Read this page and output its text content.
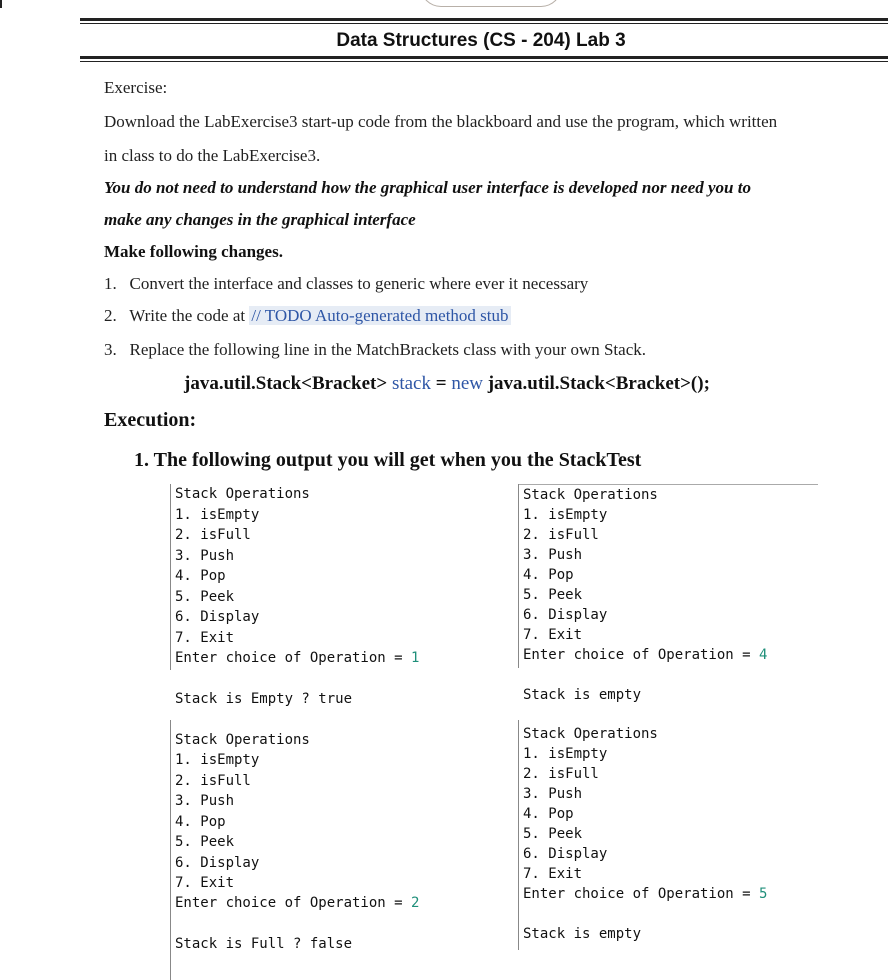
Data Structures (CS - 204) Lab 3
Exercise:
Download the LabExercise3 start-up code from the blackboard and use the program, which written
in class to do the LabExercise3.
You do not need to understand how the graphical user interface is developed nor need you to
make any changes in the graphical interface
Make following changes.
1. Convert the interface and classes to generic where ever it necessary
2. Write the code at // TODO Auto-generated method stub
3. Replace the following line in the MatchBrackets class with your own Stack.
java.util.Stack<Bracket> stack = new java.util.Stack<Bracket>();
Execution:
1. The following output you will get when you the StackTest
Stack Operations
1. isEmpty
2. isFull
3. Push
4. Pop
5. Peek
6. Display
7. Exit
Enter choice of Operation = 1
Stack is Empty ? true
Stack Operations
1. isEmpty
2. isFull
3. Push
4. Pop
5. Peek
6. Display
7. Exit
Enter choice of Operation = 2
Stack is Full ? false
Stack Operations
1. isEmpty
2. isFull
3. Push
4. Pop
5. Peek
6. Display
7. Exit
Enter choice of Operation = 4
Stack is empty
Stack Operations
1. isEmpty
2. isFull
3. Push
4. Pop
5. Peek
6. Display
7. Exit
Enter choice of Operation = 5
Stack is empty
